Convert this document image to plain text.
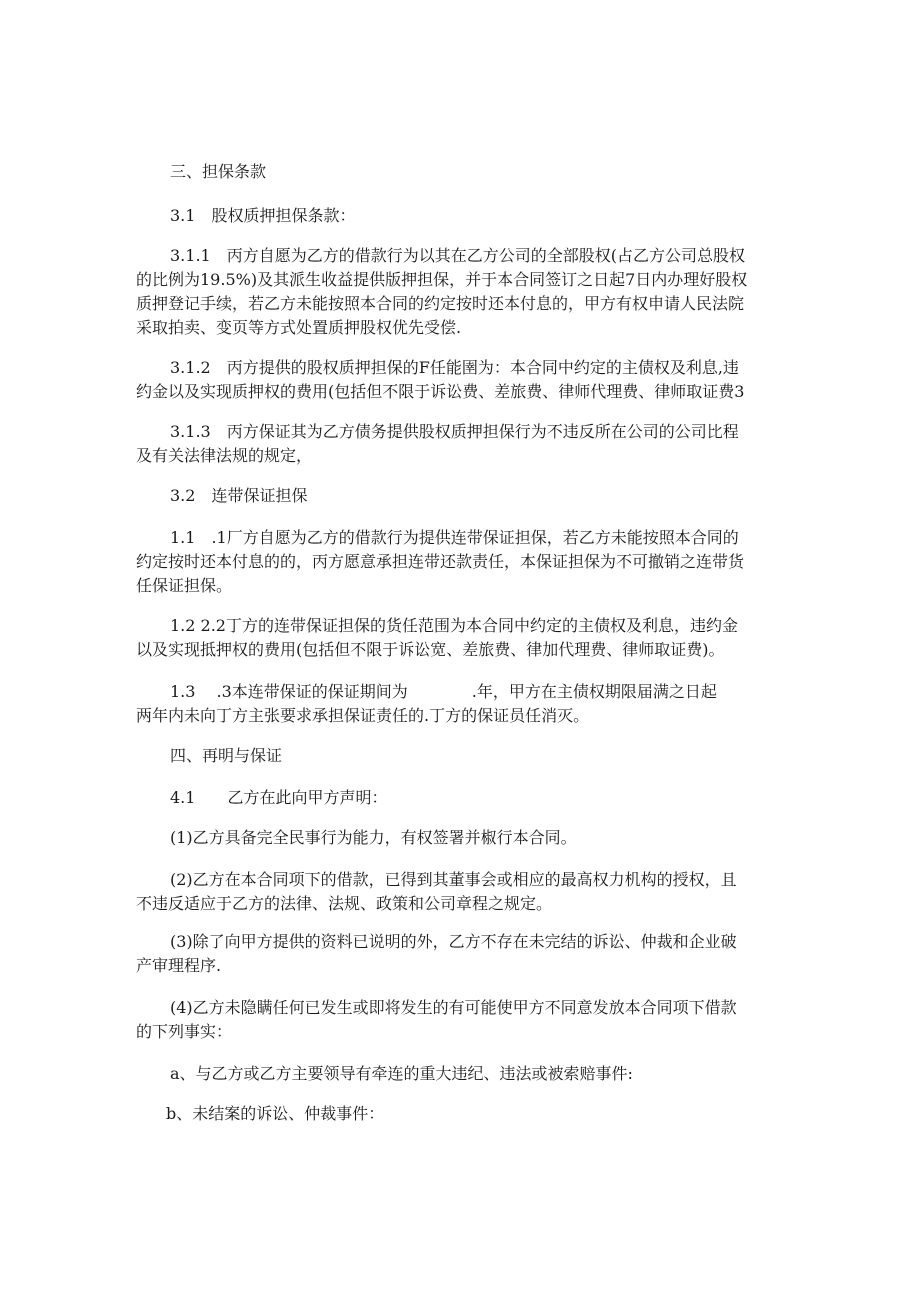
三、担保条款
3.1　股权质押担保条款：
3.1.1　丙方自愿为乙方的借款行为以其在乙方公司的全部股权(占乙方公司总股权
的比例为19.5%)及其派生收益提供版押担保，并于本合同签订之日起7日内办理好股权
质押登记手续，若乙方未能按照本合同的约定按时还本付息的，甲方有权申请人民法院
采取拍卖、变页等方式处置质押股权优先受偿.
3.1.2　丙方提供的股权质押担保的F任能圉为：本合同中约定的主债权及利息,违
约金以及实现质押权的费用(包括但不限于诉讼费、差旅费、律师代理费、律师取证费3
3.1.3　丙方保证其为乙方债务提供股权质押担保行为不违反所在公司的公司比程
及有关法律法规的规定，
3.2　连带保证担保
1.1　.1厂方自愿为乙方的借款行为提供连带保证担保，若乙方未能按照本合同的
约定按时还本付息的的，丙方愿意承担连带还款责任，本保证担保为不可撤销之连带货
任保证担保。
1.2 2.2丁方的连带保证担保的货任范围为本合同中约定的主债权及利息，违约金
以及实现抵押权的费用(包括但不限于诉讼宽、差旅费、律加代理费、律师取证费)。
1.3　 .3本连带保证的保证期间为　　　　.年，甲方在主债权期限届满之日起
两年内未向丁方主张要求承担保证责任的.丁方的保证员任消灭。
四、再明与保证
4.1　　乙方在此向甲方声明：
(1)乙方具备完全民事行为能力，有权签署并椒行本合同。
(2)乙方在本合同项下的借款，已得到其董事会或相应的最高权力机构的授权，且
不违反适应于乙方的法律、法规、政策和公司章程之规定。
(3)除了向甲方提供的资料已说明的外，乙方不存在未完结的诉讼、仲裁和企业破
产审理程序.
(4)乙方未隐瞒任何已发生或即将发生的有可能使甲方不同意发放本合同项下借款
的下列事实：
a、与乙方或乙方主要领导有牵连的重大违纪、违法或被索赔事件:
b、未结案的诉讼、仲裁事件：
